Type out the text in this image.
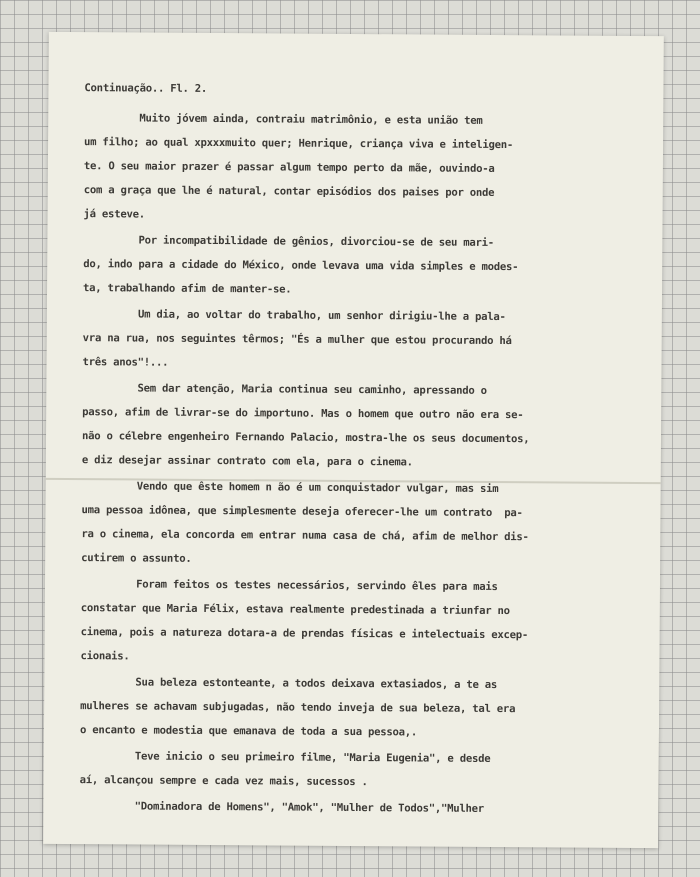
Continuação.. Fl. 2.
Muito jóvem ainda, contraiu matrimônio, e esta união tem
um filho; ao qual xpxxxmuito quer; Henrique, criança viva e inteligen-
te. O seu maior prazer é passar algum tempo perto da mãe, ouvindo-a
com a graça que lhe é natural, contar episódios dos paises por onde
já esteve.
Por incompatibilidade de gênios, divorciou-se de seu mari-
do, indo para a cidade do México, onde levava uma vida simples e modes-
ta, trabalhando afim de manter-se.
Um dia, ao voltar do trabalho, um senhor dirigiu-lhe a pala-
vra na rua, nos seguintes têrmos; "És a mulher que estou procurando há
três anos"!...
Sem dar atenção, Maria continua seu caminho, apressando o
passo, afim de livrar-se do importuno. Mas o homem que outro não era se-
não o célebre engenheiro Fernando Palacio, mostra-lhe os seus documentos,
e diz desejar assinar contrato com ela, para o cinema.
Vendo que êste homem n ão é um conquistador vulgar, mas sim
uma pessoa idônea, que simplesmente deseja oferecer-lhe um contrato  pa-
ra o cinema, ela concorda em entrar numa casa de chá, afim de melhor dis-
cutirem o assunto.
Foram feitos os testes necessários, servindo êles para mais
constatar que Maria Félix, estava realmente predestinada a triunfar no
cinema, pois a natureza dotara-a de prendas físicas e intelectuais excep-
cionais.
Sua beleza estonteante, a todos deixava extasiados, a te as
mulheres se achavam subjugadas, não tendo inveja de sua beleza, tal era
o encanto e modestia que emanava de toda a sua pessoa,.
Teve inicio o seu primeiro filme, "Maria Eugenia", e desde
aí, alcançou sempre e cada vez mais, sucessos .
"Dominadora de Homens", "Amok", "Mulher de Todos","Mulher
